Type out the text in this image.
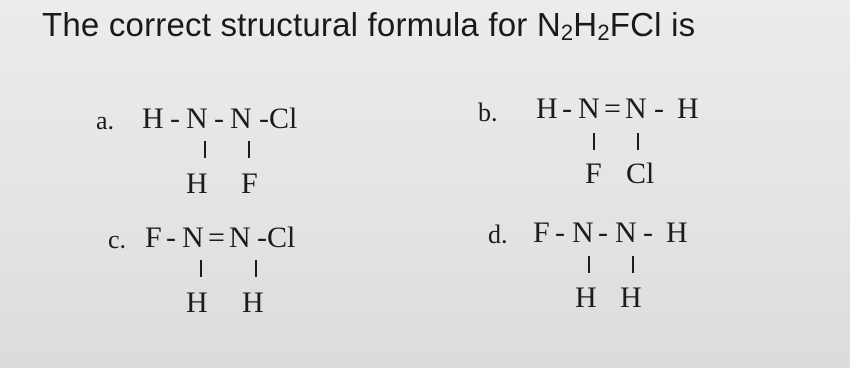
The correct structural formula for $N_2H_2FCl$ is
a. H - N - N -Cl
H F
b. H - N = N - H
F Cl
c. F - N = N -Cl
H H
d. F - N - N - H
H H
